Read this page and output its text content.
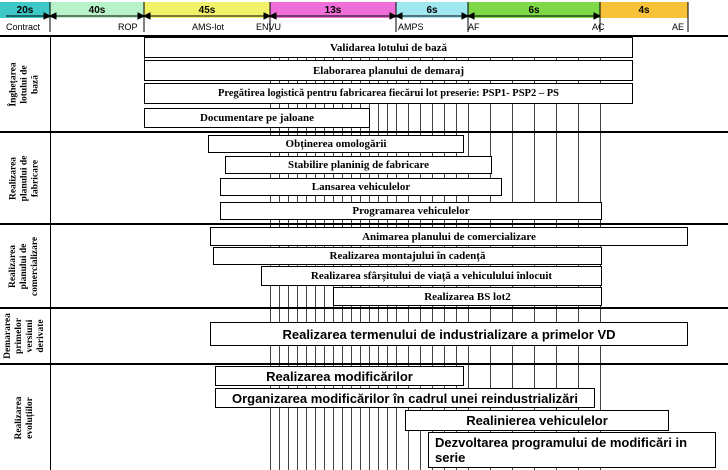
20s	40s	45s	13s	6s	6s	4s
Contract	ROP	AMS-lot	ENVU	AMPS	AF	AC	AE
Înghețarea lotului de bază
Realizarea planului de fabricare
Realizarea planului de comercializare
Demararea primelor versiuni derivate
Realizarea evoluțiilor
Validarea lotului de bază
Elaborarea planului de demaraj
Pregătirea logistică pentru fabricarea fiecărui lot preserie: PSP1- PSP2 – PS
Documentare pe jaloane
Obținerea omologării
Stabilire planinig de fabricare
Lansarea vehiculelor
Programarea vehiculelor
Animarea planului de comercializare
Realizarea montajului în cadență
Realizarea sfârșitului de viață a vehiculului înlocuit
Realizarea BS lot2
Realizarea termenului de industrializare a primelor VD
Realizarea modificărilor
Organizarea modificărilor în cadrul unei reindustrializări
Realinierea vehiculelor
Dezvoltarea programului de modificări in serie
